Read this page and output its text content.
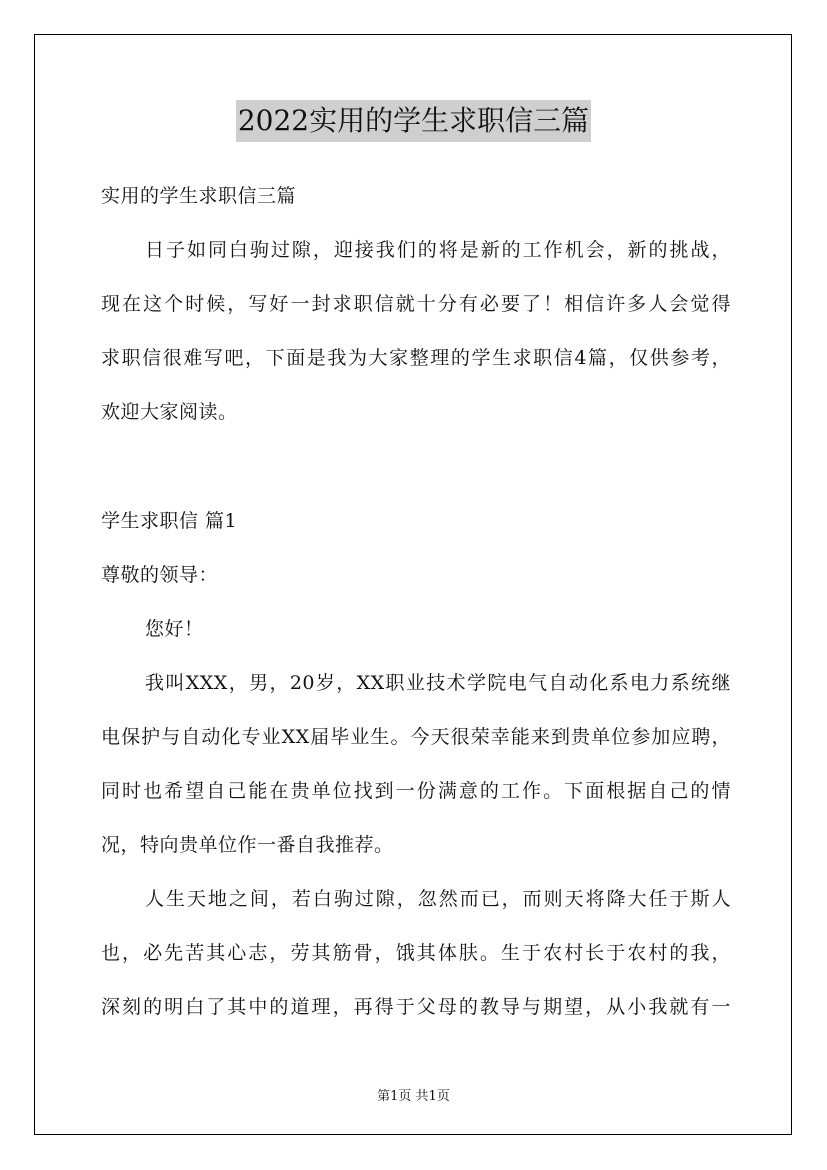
2022实用的学生求职信三篇
实用的学生求职信三篇
日子如同白驹过隙，迎接我们的将是新的工作机会，新的挑战，
现在这个时候，写好一封求职信就十分有必要了！相信许多人会觉得
求职信很难写吧，下面是我为大家整理的学生求职信4篇，仅供参考，
欢迎大家阅读。
学生求职信 篇1
尊敬的领导：
您好！
我叫XXX，男，20岁，XX职业技术学院电气自动化系电力系统继
电保护与自动化专业XX届毕业生。今天很荣幸能来到贵单位参加应聘，
同时也希望自己能在贵单位找到一份满意的工作。下面根据自己的情
况，特向贵单位作一番自我推荐。
人生天地之间，若白驹过隙，忽然而已，而则天将降大任于斯人
也，必先苦其心志，劳其筋骨，饿其体肤。生于农村长于农村的我，
深刻的明白了其中的道理，再得于父母的教导与期望，从小我就有一
第1页 共1页
